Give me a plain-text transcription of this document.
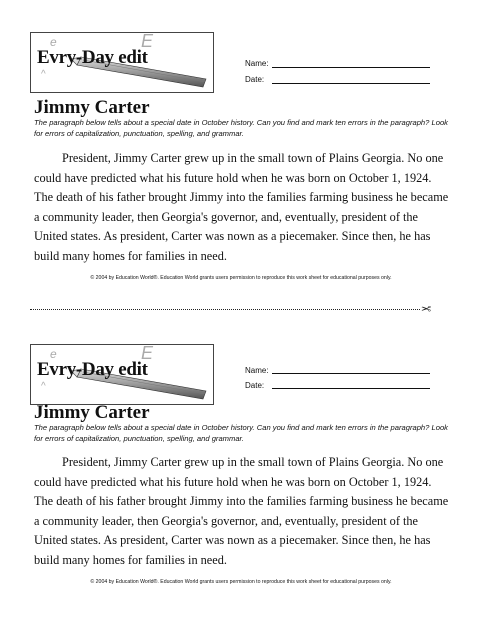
e	E
^
Evry-Day edit	Name:
Date:
Jimmy Carter
The paragraph below tells about a special date in October history. Can you find and mark ten errors in the paragraph? Look for errors of capitalization, punctuation, spelling, and grammar.
President, Jimmy Carter grew up in the small town of Plains Georgia. No one could have predicted what his future hold when he was born on October 1, 1924. The death of his father brought Jimmy into the families farming business he became a community leader, then Georgia's governor, and, eventually, president of the United states. As president, Carter was nown as a piecemaker. Since then, he has build many homes for families in need.
© 2004 by Education World®. Education World grants users permission to reproduce this work sheet for educational purposes only.
✂
e	E
^
Evry-Day edit	Name:
Date:
Jimmy Carter
The paragraph below tells about a special date in October history. Can you find and mark ten errors in the paragraph? Look for errors of capitalization, punctuation, spelling, and grammar.
President, Jimmy Carter grew up in the small town of Plains Georgia. No one could have predicted what his future hold when he was born on October 1, 1924. The death of his father brought Jimmy into the families farming business he became a community leader, then Georgia's governor, and, eventually, president of the United states. As president, Carter was nown as a piecemaker. Since then, he has build many homes for families in need.
© 2004 by Education World®. Education World grants users permission to reproduce this work sheet for educational purposes only.
